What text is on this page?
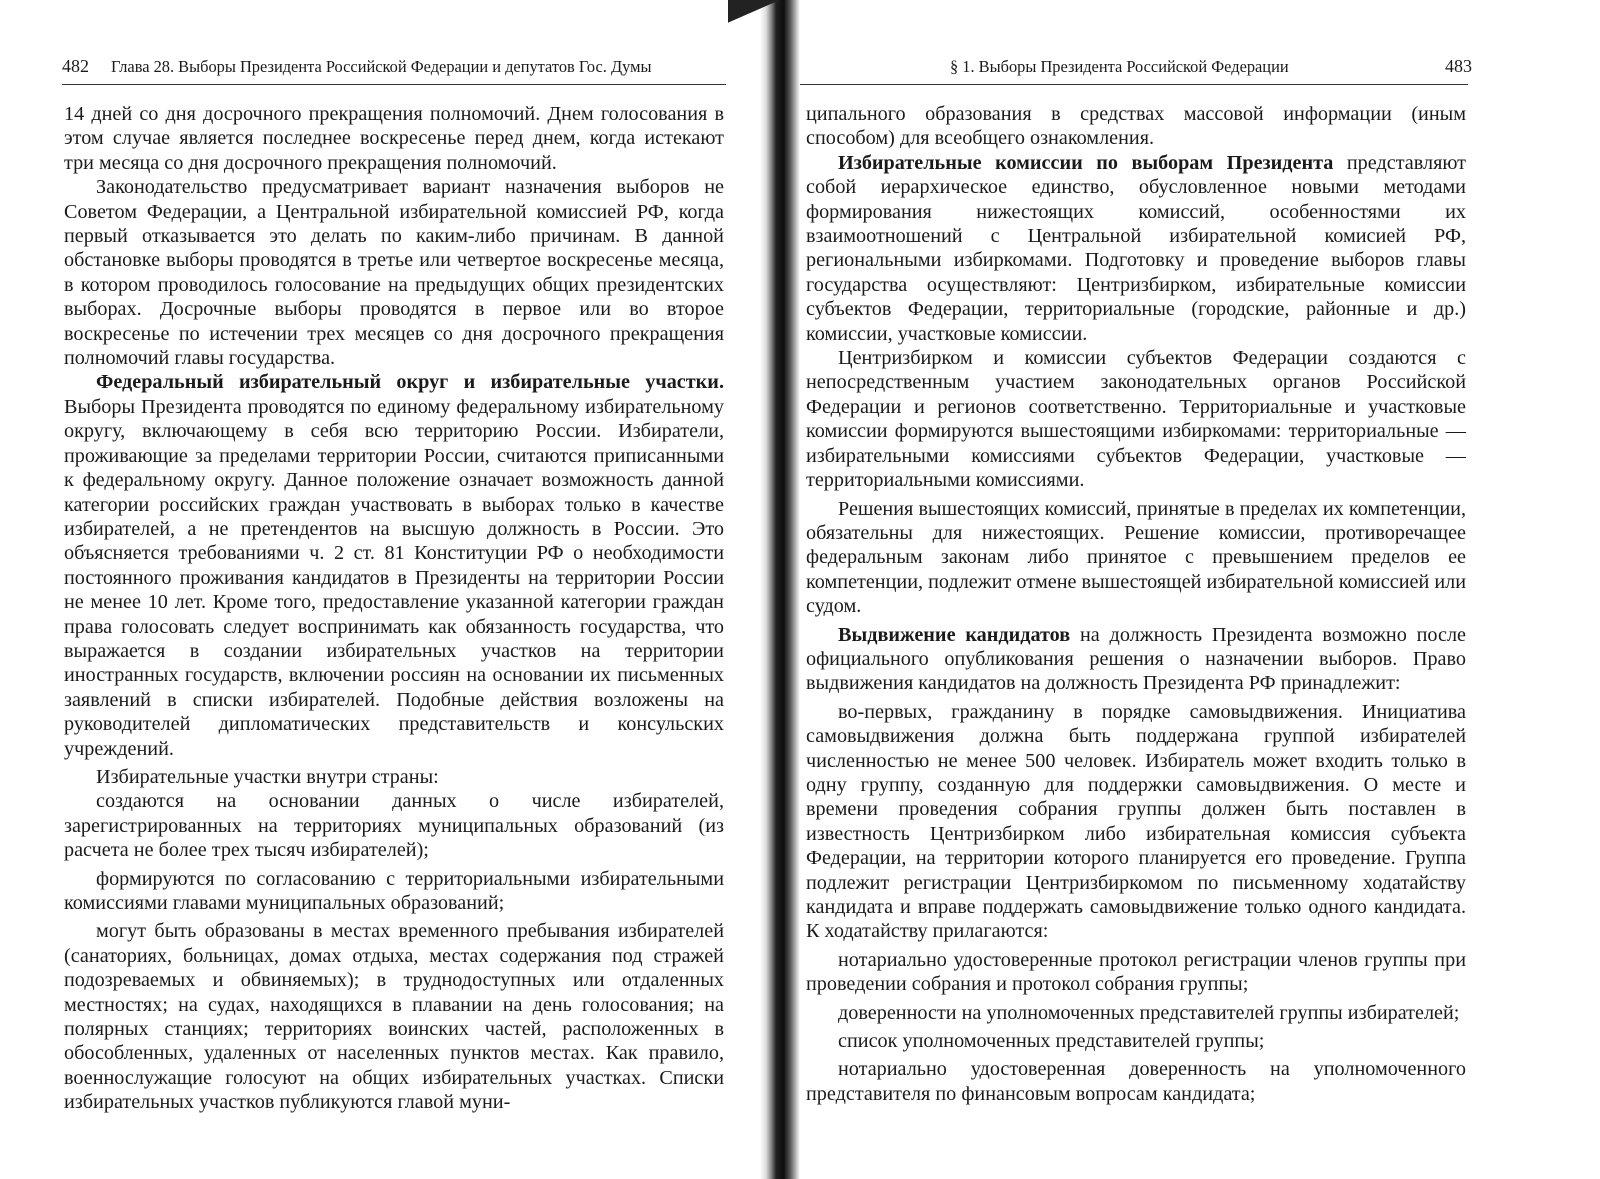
482 Глава 28. Выборы Президента Российской Федерации и депутатов Гос. Думы

14 дней со дня досрочного прекращения полномочий. Днем голосования в этом случае является последнее воскресенье перед днем, когда истекают три месяца со дня досрочного прекращения полномочий.

Законодательство предусматривает вариант назначения выборов не Советом Федерации, а Центральной избирательной комиссией РФ, когда первый отказывается это делать по каким-либо причинам. В данной обстановке выборы проводятся в третье или четвертое воскресенье месяца, в котором проводилось голосование на предыдущих общих президентских выборах. Досрочные выборы проводятся в первое или во второе воскресенье по истечении трех месяцев со дня досрочного прекращения полномочий главы государства.

Федеральный избирательный округ и избирательные участки. Выборы Президента проводятся по единому федеральному избирательному округу, включающему в себя всю территорию России. Избиратели, проживающие за пределами территории России, считаются приписанными к федеральному округу. Данное положение означает возможность данной категории российских граждан участвовать в выборах только в качестве избирателей, а не претендентов на высшую должность в России. Это объясняется требованиями ч. 2 ст. 81 Конституции РФ о необходимости постоянного проживания кандидатов в Президенты на территории России не менее 10 лет. Кроме того, предоставление указанной категории граждан права голосовать следует воспринимать как обязанность государства, что выражается в создании избирательных участков на территории иностранных государств, включении россиян на основании их письменных заявлений в списки избирателей. Подобные действия возложены на руководителей дипломатических представительств и консульских учреждений.

Избирательные участки внутри страны:

создаются на основании данных о числе избирателей, зарегистрированных на территориях муниципальных образований (из расчета не более трех тысяч избирателей);

формируются по согласованию с территориальными избирательными комиссиями главами муниципальных образований;

могут быть образованы в местах временного пребывания избирателей (санаториях, больницах, домах отдыха, местах содержания под стражей подозреваемых и обвиняемых); в труднодоступных или отдаленных местностях; на судах, находящихся в плавании на день голосования; на полярных станциях; территориях воинских частей, расположенных в обособленных, удаленных от населенных пунктов местах. Как правило, военнослужащие голосуют на общих избирательных участках. Списки избирательных участков публикуются главой муни-

§ 1. Выборы Президента Российской Федерации	483

ципального образования в средствах массовой информации (иным способом) для всеобщего ознакомления.

Избирательные комиссии по выборам Президента представляют собой иерархическое единство, обусловленное новыми методами формирования нижестоящих комиссий, особенностями их взаимоотношений с Центральной избирательной комисией РФ, региональными избиркомами. Подготовку и проведение выборов главы государства осуществляют: Центризбирком, избирательные комиссии субъектов Федерации, территориальные (городские, районные и др.) комиссии, участковые комиссии.

Центризбирком и комиссии субъектов Федерации создаются с непосредственным участием законодательных органов Российской Федерации и регионов соответственно. Территориальные и участковые комиссии формируются вышестоящими избиркомами: территориальные — избирательными комиссиями субъектов Федерации, участковые — территориальными комиссиями.

Решения вышестоящих комиссий, принятые в пределах их компетенции, обязательны для нижестоящих. Решение комиссии, противоречащее федеральным законам либо принятое с превышением пределов ее компетенции, подлежит отмене вышестоящей избирательной комиссией или судом.

Выдвижение кандидатов на должность Президента возможно после официального опубликования решения о назначении выборов. Право выдвижения кандидатов на должность Президента РФ принадлежит:

во-первых, гражданину в порядке самовыдвижения. Инициатива самовыдвижения должна быть поддержана группой избирателей численностью не менее 500 человек. Избиратель может входить только в одну группу, созданную для поддержки самовыдвижения. О месте и времени проведения собрания группы должен быть поставлен в известность Центризбирком либо избирательная комиссия субъекта Федерации, на территории которого планируется его проведение. Группа подлежит регистрации Центризбиркомом по письменному ходатайству кандидата и вправе поддержать самовыдвижение только одного кандидата. К ходатайству прилагаются:

нотариально удостоверенные протокол регистрации членов группы при проведении собрания и протокол собрания группы;

доверенности на уполномоченных представителей группы избирателей;

список уполномоченных представителей группы;

нотариально удостоверенная доверенность на уполномоченного представителя по финансовым вопросам кандидата;
